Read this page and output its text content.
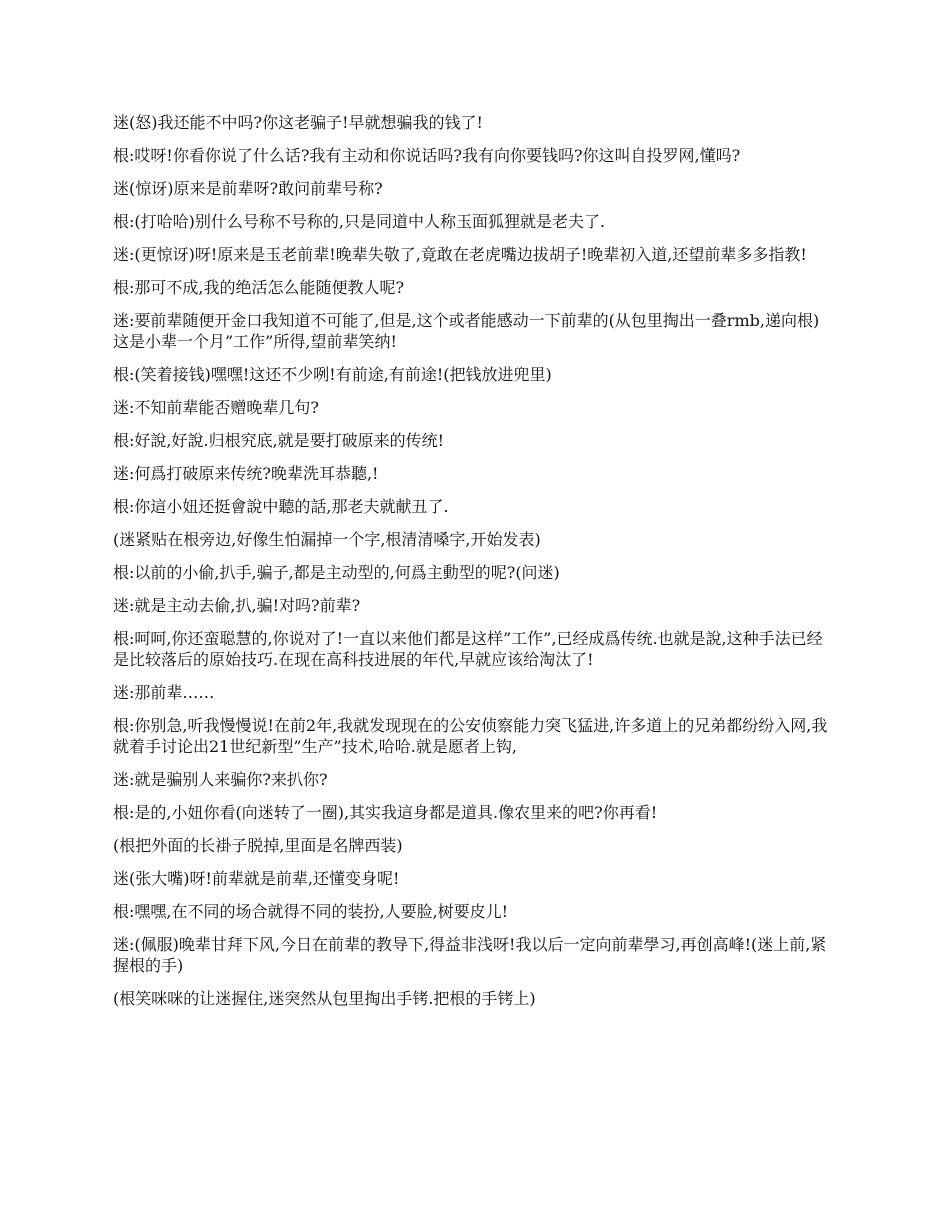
迷(怒)我还能不中吗?你这老骗子!早就想骗我的钱了!

根:哎呀!你看你说了什么话?我有主动和你说话吗?我有向你要钱吗?你这叫自投罗网,懂吗?

迷(惊讶)原来是前辈呀?敢问前辈号称?

根:(打哈哈)别什么号称不号称的,只是同道中人称玉面狐狸就是老夫了.

迷:(更惊讶)呀!原来是玉老前辈!晚辈失敬了,竟敢在老虎嘴边拔胡子!晚辈初入道,还望前辈多多指教!

根:那可不成,我的绝活怎么能随便教人呢?

迷:要前辈随便开金口我知道不可能了,但是,这个或者能感动一下前辈的(从包里掏出一叠rmb,递向根)这是小辈一个月”工作”所得,望前辈笑纳!

根:(笑着接钱)嘿嘿!这还不少咧!有前途,有前途!(把钱放进兜里)

迷:不知前辈能否赠晚辈几句?

根:好說,好說.归根究底,就是要打破原来的传统!

迷:何爲打破原来传统?晚辈洗耳恭聽,!

根:你這小妞还挺會說中聽的話,那老夫就献丑了.

(迷紧贴在根旁边,好像生怕漏掉一个字,根清清嗓字,开始发表)

根:以前的小偷,扒手,骗子,都是主动型的,何爲主動型的呢?(问迷)

迷:就是主动去偷,扒,骗!对吗?前辈?

根:呵呵,你还蛮聪慧的,你说对了!一直以来他们都是这样”工作”,已经成爲传统.也就是說,这种手法已经是比较落后的原始技巧.在现在高科技进展的年代,早就应该给淘汰了!

迷:那前辈……

根:你别急,听我慢慢说!在前2年,我就发现现在的公安侦察能力突飞猛进,许多道上的兄弟都纷纷入网,我就着手讨论出21世纪新型”生产”技术,哈哈.就是愿者上钩,

迷:就是骗别人来骗你?来扒你?

根:是的,小妞你看(向迷转了一圈),其实我這身都是道具.像农里来的吧?你再看!

(根把外面的长褂子脱掉,里面是名牌西装)

迷(张大嘴)呀!前辈就是前辈,还懂变身呢!

根:嘿嘿,在不同的场合就得不同的装扮,人要脸,树要皮儿!

迷:(佩服)晚辈甘拜下风,今日在前辈的教导下,得益非浅呀!我以后一定向前辈學习,再创高峰!(迷上前,紧握根的手)

(根笑咪咪的让迷握住,迷突然从包里掏出手铐.把根的手铐上)
